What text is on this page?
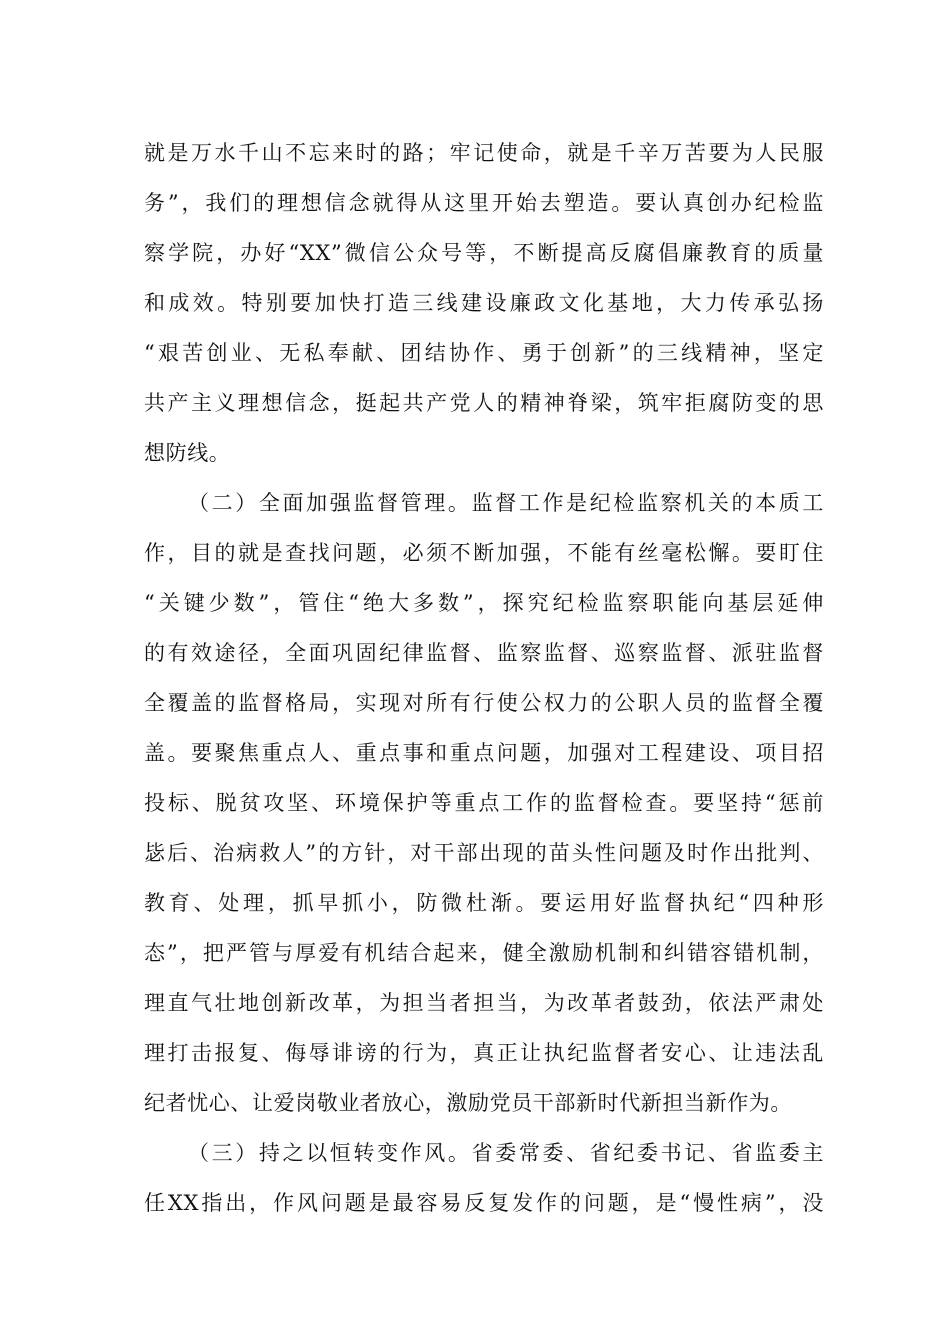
就是万水千山不忘来时的路；牢记使命，就是千辛万苦要为人民服
务”，我们的理想信念就得从这里开始去塑造。要认真创办纪检监
察学院，办好“XX”微信公众号等，不断提高反腐倡廉教育的质量
和成效。特别要加快打造三线建设廉政文化基地，大力传承弘扬
“艰苦创业、无私奉献、团结协作、勇于创新”的三线精神，坚定
共产主义理想信念，挺起共产党人的精神脊梁，筑牢拒腐防变的思
想防线。
（二）全面加强监督管理。监督工作是纪检监察机关的本质工
作，目的就是查找问题，必须不断加强，不能有丝毫松懈。要盯住
“关键少数”，管住“绝大多数”，探究纪检监察职能向基层延伸
的有效途径，全面巩固纪律监督、监察监督、巡察监督、派驻监督
全覆盖的监督格局，实现对所有行使公权力的公职人员的监督全覆
盖。要聚焦重点人、重点事和重点问题，加强对工程建设、项目招
投标、脱贫攻坚、环境保护等重点工作的监督检查。要坚持“惩前
毖后、治病救人”的方针，对干部出现的苗头性问题及时作出批判、
教育、处理，抓早抓小，防微杜渐。要运用好监督执纪“四种形
态”，把严管与厚爱有机结合起来，健全激励机制和纠错容错机制，
理直气壮地创新改革，为担当者担当，为改革者鼓劲，依法严肃处
理打击报复、侮辱诽谤的行为，真正让执纪监督者安心、让违法乱
纪者忧心、让爱岗敬业者放心，激励党员干部新时代新担当新作为。
（三）持之以恒转变作风。省委常委、省纪委书记、省监委主
任XX指出，作风问题是最容易反复发作的问题，是“慢性病”，没
